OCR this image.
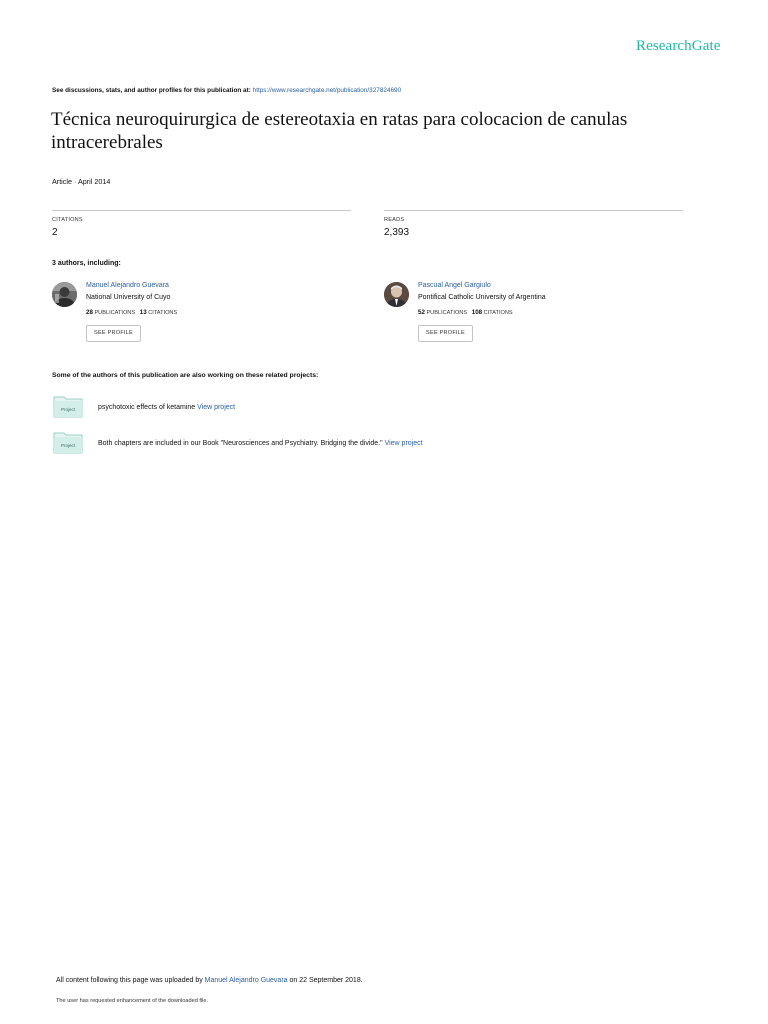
ResearchGate
See discussions, stats, and author profiles for this publication at: https://www.researchgate.net/publication/327824690
Técnica neuroquirurgica de estereotaxia en ratas para colocacion de canulas intracerebrales
Article · April 2014
CITATIONS
2
READS
2,393
3 authors, including:
Manuel Alejandro Guevara
National University of Cuyo
28 PUBLICATIONS 13 CITATIONS
SEE PROFILE
Pascual Angel Gargiulo
Pontifical Catholic University of Argentina
52 PUBLICATIONS 108 CITATIONS
SEE PROFILE
Some of the authors of this publication are also working on these related projects:
Project	psychotoxic effects of ketamine View project
Project	Both chapters are included in our Book "Neurosciences and Psychiatry. Bridging the divide." View project
All content following this page was uploaded by Manuel Alejandro Guevara on 22 September 2018.
The user has requested enhancement of the downloaded file.
